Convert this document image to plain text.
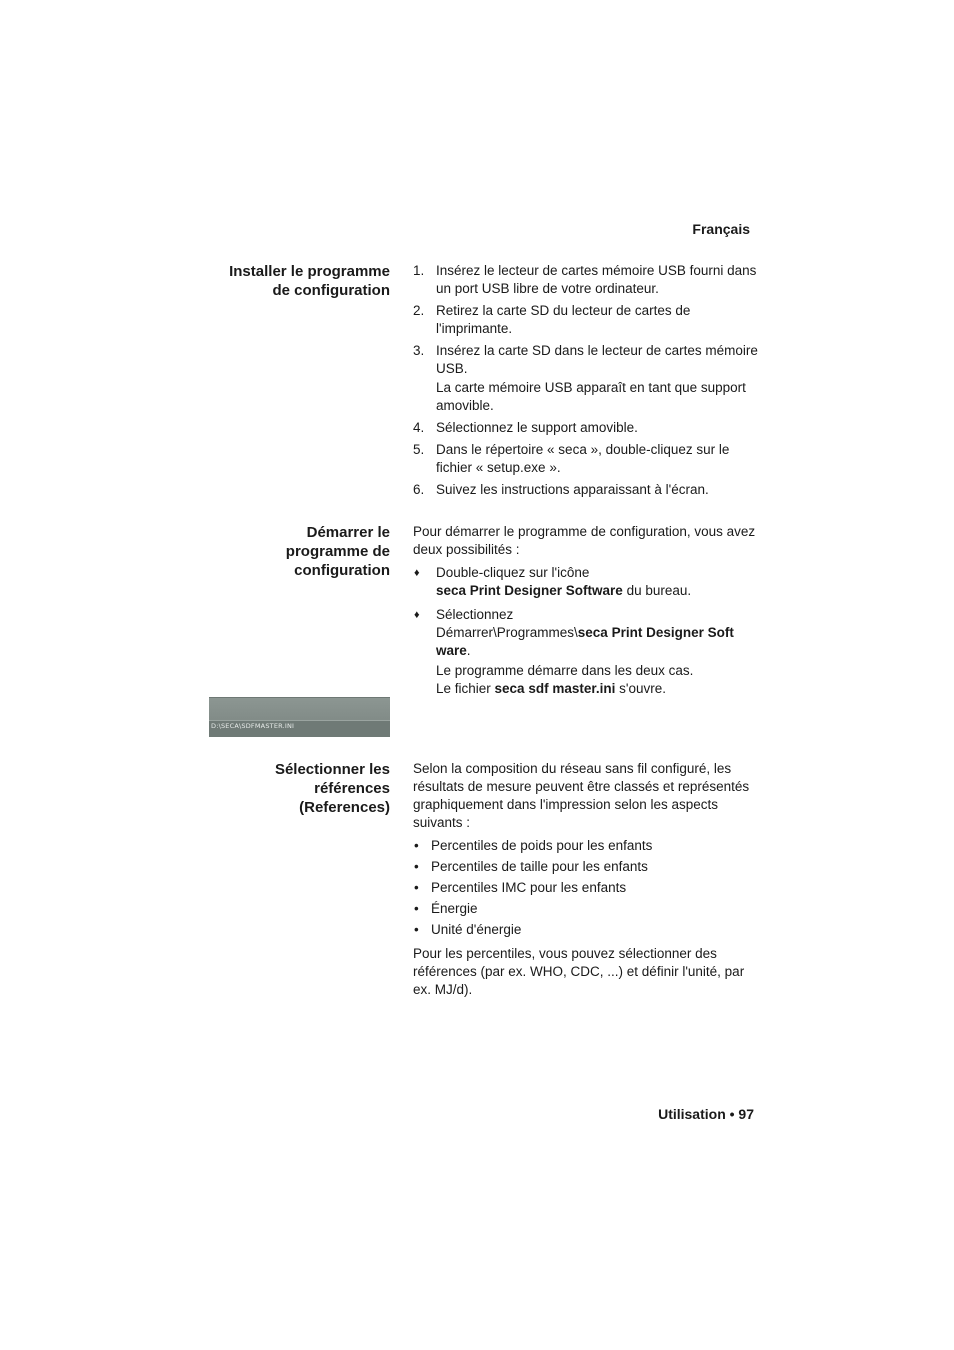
Français
Installer le programme
de configuration
1. Insérez le lecteur de cartes mémoire USB fourni dans un port USB libre de votre ordinateur.
2. Retirez la carte SD du lecteur de cartes de l'imprimante.
3. Insérez la carte SD dans le lecteur de cartes mémoire USB.
La carte mémoire USB apparaît en tant que support amovible.
4. Sélectionnez le support amovible.
5. Dans le répertoire « seca », double-cliquez sur le fichier « setup.exe ».
6. Suivez les instructions apparaissant à l'écran.
Démarrer le
programme de
configuration

Pour démarrer le programme de configuration, vous avez deux possibilités :

♦ Double-cliquez sur l'icône
seca Print Designer Software du bureau.
♦ Sélectionnez
Démarrer\Programmes\seca Print Designer Soft ware.
Le programme démarre dans les deux cas.
Le fichier seca sdf master.ini s'ouvre.
D:\SECA\SDFMASTER.INI
Sélectionner les
références
(References)

Selon la composition du réseau sans fil configuré, les résultats de mesure peuvent être classés et représentés graphiquement dans l'impression selon les aspects suivants :

• Percentiles de poids pour les enfants
• Percentiles de taille pour les enfants
• Percentiles IMC pour les enfants
• Énergie
• Unité d'énergie

Pour les percentiles, vous pouvez sélectionner des références (par ex. WHO, CDC, ...) et définir l'unité, par ex. MJ/d).

Utilisation • 97
